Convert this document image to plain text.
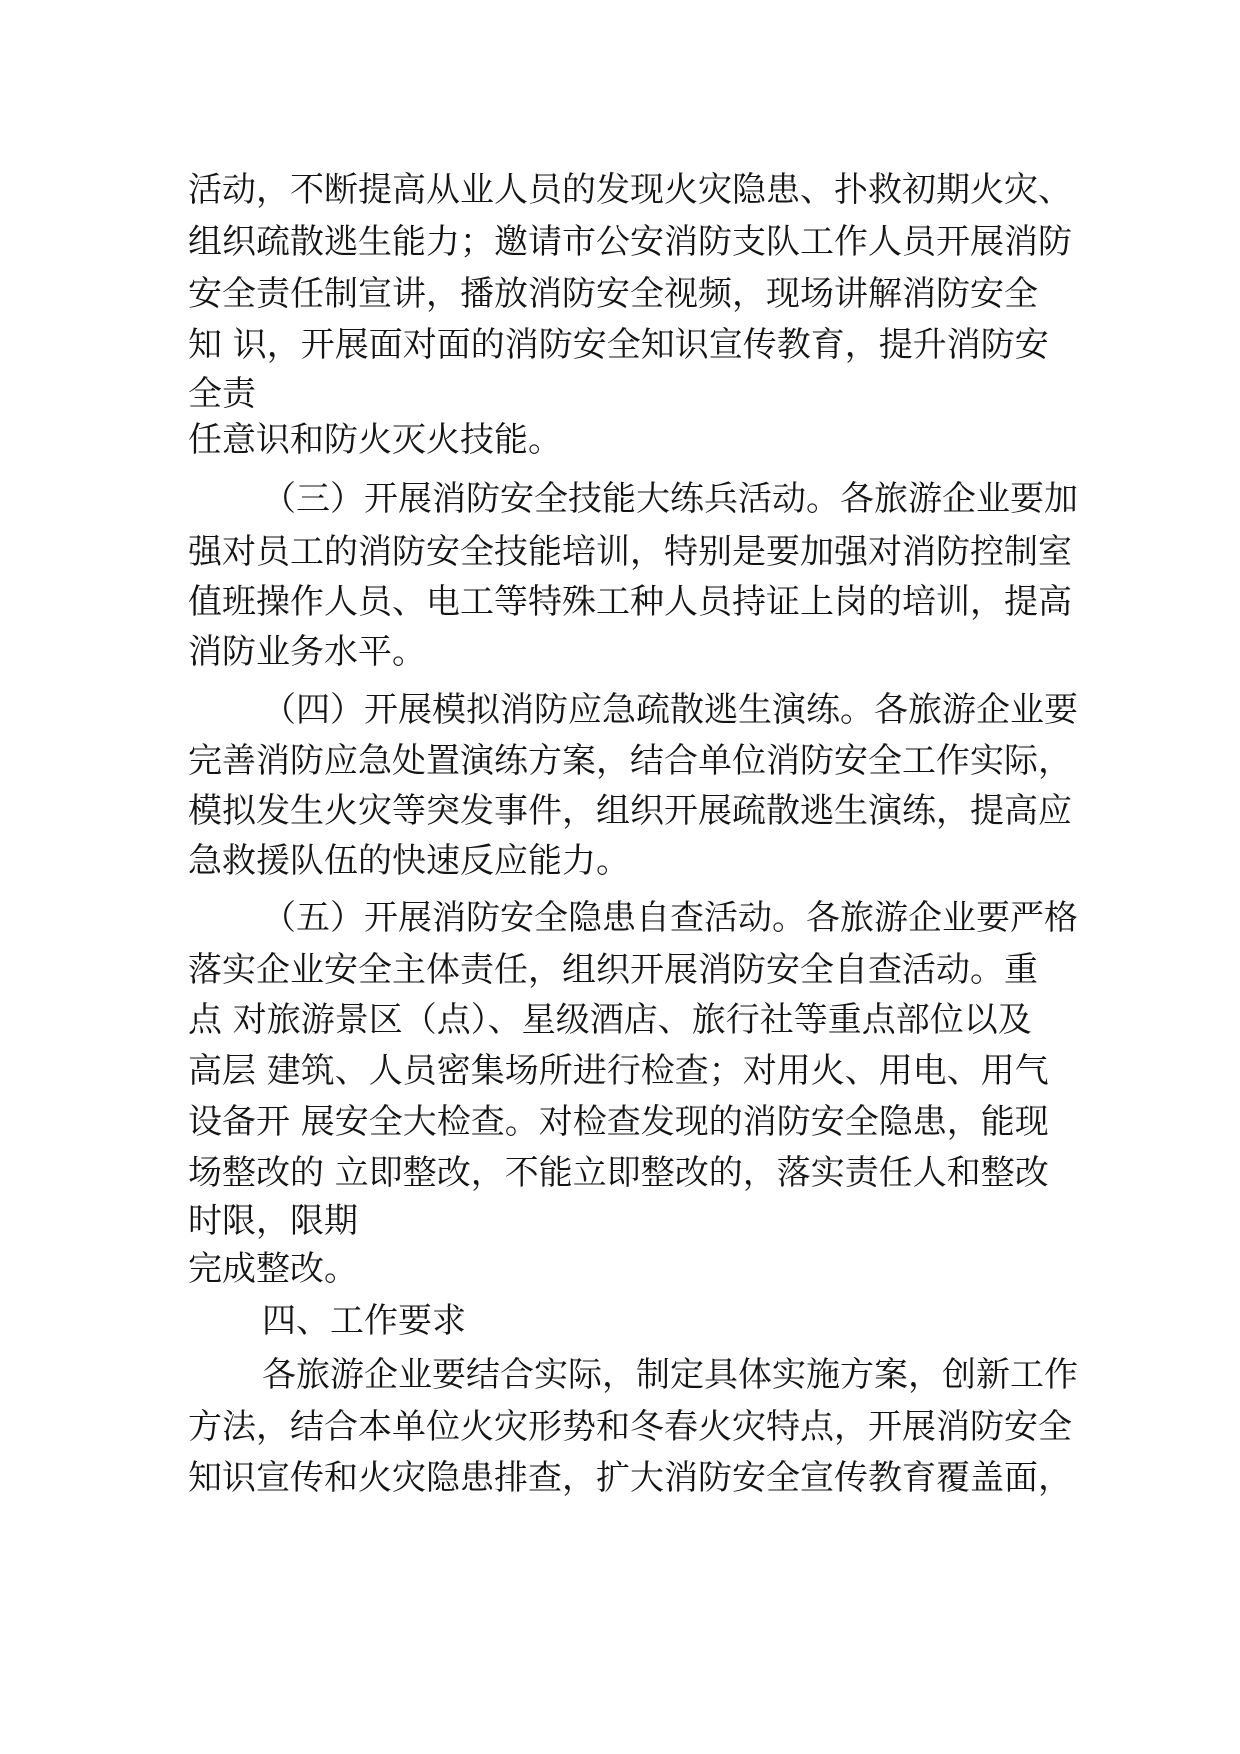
活动，不断提高从业人员的发现火灾隐患、扑救初期火灾、
组织疏散逃生能力；邀请市公安消防支队工作人员开展消防
安全责任制宣讲，播放消防安全视频，现场讲解消防安全
知 识，开展面对面的消防安全知识宣传教育，提升消防安
全责
任意识和防火灭火技能。
（三）开展消防安全技能大练兵活动。各旅游企业要加
强对员工的消防安全技能培训，特别是要加强对消防控制室
值班操作人员、电工等特殊工种人员持证上岗的培训，提高
消防业务水平。
（四）开展模拟消防应急疏散逃生演练。各旅游企业要
完善消防应急处置演练方案，结合单位消防安全工作实际，
模拟发生火灾等突发事件，组织开展疏散逃生演练，提高应
急救援队伍的快速反应能力。
（五）开展消防安全隐患自查活动。各旅游企业要严格
落实企业安全主体责任，组织开展消防安全自查活动。重
点 对旅游景区（点）、星级酒店、旅行社等重点部位以及
高层 建筑、人员密集场所进行检查；对用火、用电、用气
设备开 展安全大检查。对检查发现的消防安全隐患，能现
场整改的 立即整改，不能立即整改的，落实责任人和整改
时限，限期
完成整改。
四、工作要求
各旅游企业要结合实际，制定具体实施方案，创新工作
方法，结合本单位火灾形势和冬春火灾特点，开展消防安全
知识宣传和火灾隐患排查，扩大消防安全宣传教育覆盖面，
